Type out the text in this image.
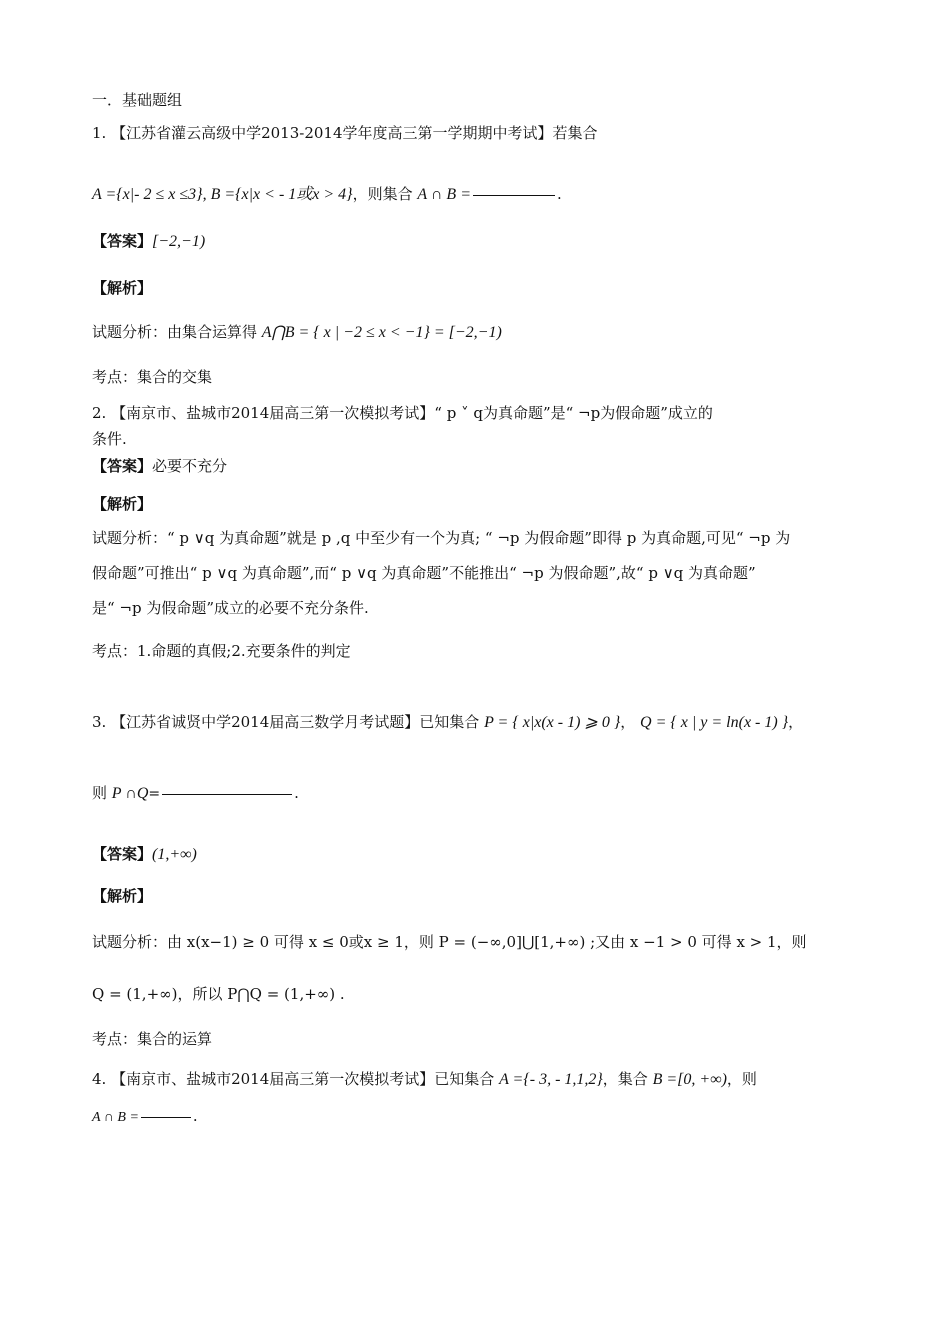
一．基础题组
1. 【江苏省灌云高级中学2013-2014学年度高三第一学期期中考试】若集合
A ={x|- 2 ≤ x ≤3}, B ={x|x < - 1或x > 4}，则集合 A ∩ B =	.
【答案】[−2,−1)
【解析】
试题分析：由集合运算得 A⋂B = { x | −2 ≤ x < −1} = [−2,−1)
考点：集合的交集
2. 【南京市、盐城市2014届高三第一次模拟考试】“ p ˅ q为真命题”是“ ¬p为假命题”成立的
条件.
【答案】必要不充分
【解析】
试题分析：“ p ∨q 为真命题”就是 p ,q 中至少有一个为真; “ ¬p 为假命题”即得 p 为真命题,可见“ ¬p 为
假命题”可推出“ p ∨q 为真命题”,而“ p ∨q 为真命题”不能推出“ ¬p 为假命题”,故“ p ∨q 为真命题”
是“ ¬p 为假命题”成立的必要不充分条件.
考点：1.命题的真假;2.充要条件的判定
3. 【江苏省诚贤中学2014届高三数学月考试题】已知集合 P = { x|x(x - 1) ⩾ 0 }， Q = { x | y = ln(x - 1) }，
则 P ∩Q=	.
【答案】(1,+∞)
【解析】
试题分析：由 x(x−1) ≥ 0 可得 x ≤ 0或x ≥ 1，则 P = (−∞,0]⋃[1,+∞) ;又由 x −1 > 0 可得 x > 1，则
Q = (1,+∞)，所以 P⋂Q = (1,+∞) .
考点：集合的运算
4. 【南京市、盐城市2014届高三第一次模拟考试】已知集合 A ={- 3, - 1,1,2}，集合 B =[0, +∞)，则
A ∩ B =	.
